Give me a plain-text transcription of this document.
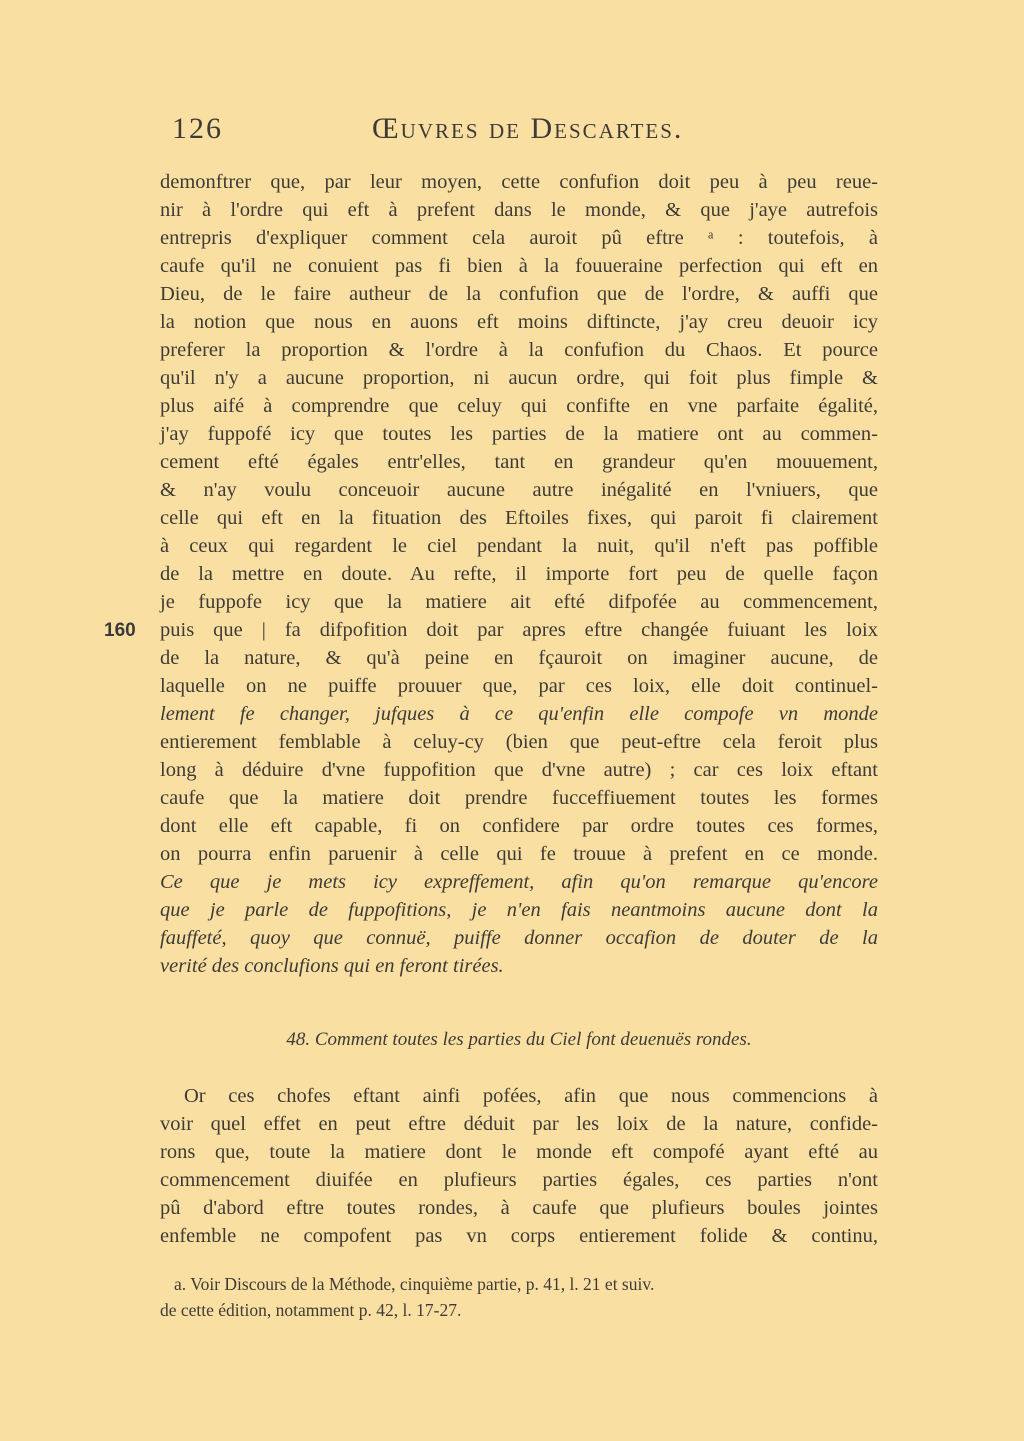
126	Œuvres de Descartes.
160
demonftrer que, par leur moyen, cette confufion doit peu à peu reue-
nir à l'ordre qui eft à prefent dans le monde, & que j'aye autrefois
entrepris d'expliquer comment cela auroit pû eftre ᵃ : toutefois, à
caufe qu'il ne conuient pas fi bien à la fouueraine perfection qui eft en
Dieu, de le faire autheur de la confufion que de l'ordre, & auffi que
la notion que nous en auons eft moins diftincte, j'ay creu deuoir icy
preferer la proportion & l'ordre à la confufion du Chaos. Et pource
qu'il n'y a aucune proportion, ni aucun ordre, qui foit plus fimple &
plus aifé à comprendre que celuy qui confifte en vne parfaite égalité,
j'ay fuppofé icy que toutes les parties de la matiere ont au commen-
cement efté égales entr'elles, tant en grandeur qu'en mouuement,
& n'ay voulu conceuoir aucune autre inégalité en l'vniuers, que
celle qui eft en la fituation des Eftoiles fixes, qui paroit fi clairement
à ceux qui regardent le ciel pendant la nuit, qu'il n'eft pas poffible
de la mettre en doute. Au refte, il importe fort peu de quelle façon
je fuppofe icy que la matiere ait efté difpofée au commencement,
puis que | fa difpofition doit par apres eftre changée fuiuant les loix
de la nature, & qu'à peine en fçauroit on imaginer aucune, de
laquelle on ne puiffe prouuer que, par ces loix, elle doit continuel-
lement fe changer, jufques à ce qu'enfin elle compofe vn monde
entierement femblable à celuy-cy (bien que peut-eftre cela feroit plus
long à déduire d'vne fuppofition que d'vne autre) ; car ces loix eftant
caufe que la matiere doit prendre fucceffiuement toutes les formes
dont elle eft capable, fi on confidere par ordre toutes ces formes,
on pourra enfin paruenir à celle qui fe trouue à prefent en ce monde.
Ce que je mets icy expreffement, afin qu'on remarque qu'encore
que je parle de fuppofitions, je n'en fais neantmoins aucune dont la
fauffeté, quoy que connuë, puiffe donner occafion de douter de la
verité des conclufions qui en feront tirées.
48. Comment toutes les parties du Ciel font deuenuës rondes.
Or ces chofes eftant ainfi pofées, afin que nous commencions à
voir quel effet en peut eftre déduit par les loix de la nature, confide-
rons que, toute la matiere dont le monde eft compofé ayant efté au
commencement diuifée en plufieurs parties égales, ces parties n'ont
pû d'abord eftre toutes rondes, à caufe que plufieurs boules jointes
enfemble ne compofent pas vn corps entierement folide & continu,
a. Voir Discours de la Méthode, cinquième partie, p. 41, l. 21 et suiv.
de cette édition, notamment p. 42, l. 17-27.
